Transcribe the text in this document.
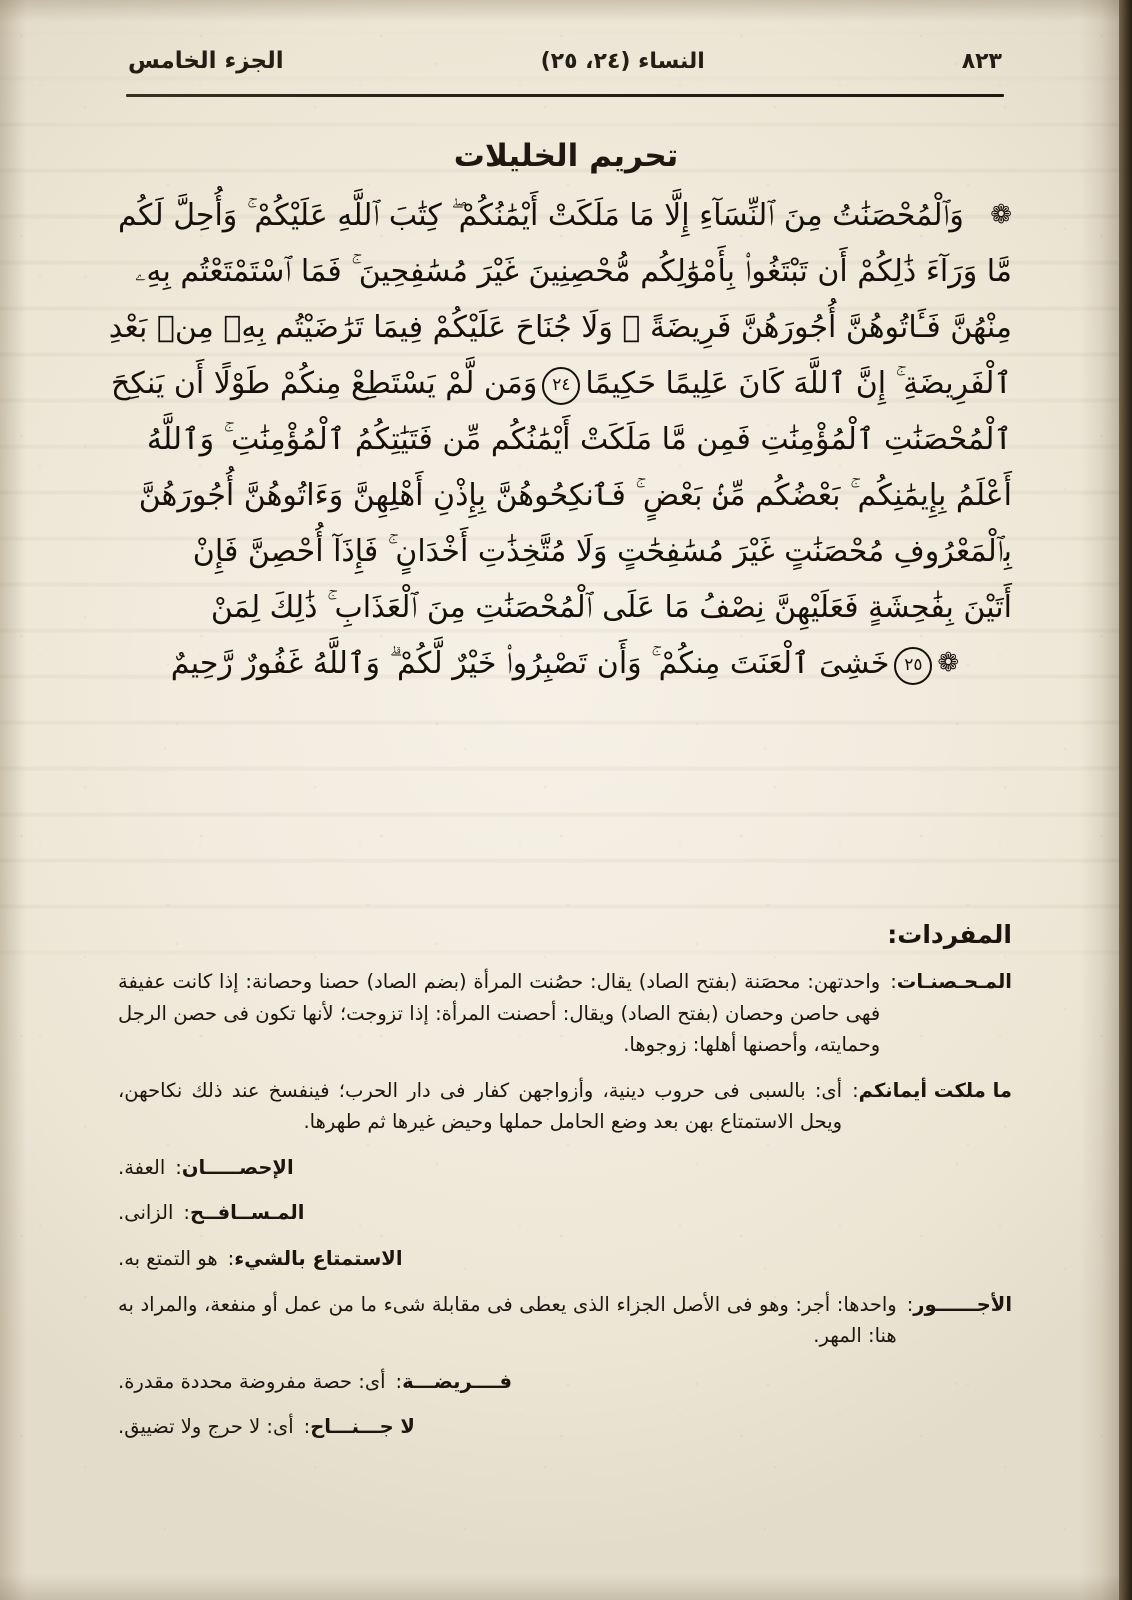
الجزء الخامس	النساء (٢٤، ٢٥)	٨٢٣
تحريم الخليلات
❁
وَٱلْمُحْصَنَٰتُ مِنَ ٱلنِّسَآءِ إِلَّا مَا مَلَكَتْ أَيْمَٰنُكُمْ ۖ كِتَٰبَ ٱللَّهِ عَلَيْكُمْ ۚ وَأُحِلَّ لَكُم
مَّا وَرَآءَ ذَٰلِكُمْ أَن تَبْتَغُوا۟ بِأَمْوَٰلِكُم مُّحْصِنِينَ غَيْرَ مُسَٰفِحِينَ ۚ فَمَا ٱسْتَمْتَعْتُم بِهِۦ
مِنْهُنَّ فَـَٔاتُوهُنَّ أُجُورَهُنَّ فَرِيضَةً ۚ وَلَا جُنَاحَ عَلَيْكُمْ فِيمَا تَرَٰضَيْتُم بِهِۦ مِنۢ بَعْدِ
ٱلْفَرِيضَةِ ۚ إِنَّ ٱللَّهَ كَانَ عَلِيمًا حَكِيمًا
٢٤
وَمَن لَّمْ يَسْتَطِعْ مِنكُمْ طَوْلًا أَن يَنكِحَ
ٱلْمُحْصَنَٰتِ ٱلْمُؤْمِنَٰتِ فَمِن مَّا مَلَكَتْ أَيْمَٰنُكُم مِّن فَتَيَٰتِكُمُ ٱلْمُؤْمِنَٰتِ ۚ وَٱللَّهُ
أَعْلَمُ بِإِيمَٰنِكُم ۚ بَعْضُكُم مِّنۢ بَعْضٍ ۚ فَٱنكِحُوهُنَّ بِإِذْنِ أَهْلِهِنَّ وَءَاتُوهُنَّ أُجُورَهُنَّ
بِٱلْمَعْرُوفِ مُحْصَنَٰتٍ غَيْرَ مُسَٰفِحَٰتٍ وَلَا مُتَّخِذَٰتِ أَخْدَانٍ ۚ فَإِذَآ أُحْصِنَّ فَإِنْ
أَتَيْنَ بِفَٰحِشَةٍ فَعَلَيْهِنَّ نِصْفُ مَا عَلَى ٱلْمُحْصَنَٰتِ مِنَ ٱلْعَذَابِ ۚ ذَٰلِكَ لِمَنْ
❁
٢٥
خَشِىَ ٱلْعَنَتَ مِنكُمْ ۚ وَأَن تَصْبِرُوا۟ خَيْرٌ لَّكُمْ ۗ وَٱللَّهُ غَفُورٌ رَّحِيمٌ
المفردات:
المـحـصنـات
:
واحدتهن: محصَنة (بفتح الصاد) يقال: حصُنت المرأة (بضم الصاد) حصنا وحصانة: إذا كانت عفيفة فهى حاصن وحصان (بفتح الصاد) ويقال: أحصنت المرأة: إذا تزوجت؛ لأنها تكون فى حصن الرجل وحمايته، وأحصنها أهلها: زوجوها.
ما ملكت أيمانكم
:
أى: بالسبى فى حروب دينية، وأزواجهن كفار فى دار الحرب؛ فينفسخ عند ذلك نكاحهن، ويحل الاستمتاع بهن بعد وضع الحامل حملها وحيض غيرها ثم طهرها.
الإحصـــــان
:
العفة.
المـســافــح
:
الزانى.
الاستمتاع بالشيء
:
هو التمتع به.
الأجــــــور
:
واحدها: أجر: وهو فى الأصل الجزاء الذى يعطى فى مقابلة شىء ما من عمل أو منفعة، والمراد به هنا: المهر.
فــــريضـــة
:
أى: حصة مفروضة محددة مقدرة.
لا جـــنـــاح
:
أى: لا حرج ولا تضييق.
